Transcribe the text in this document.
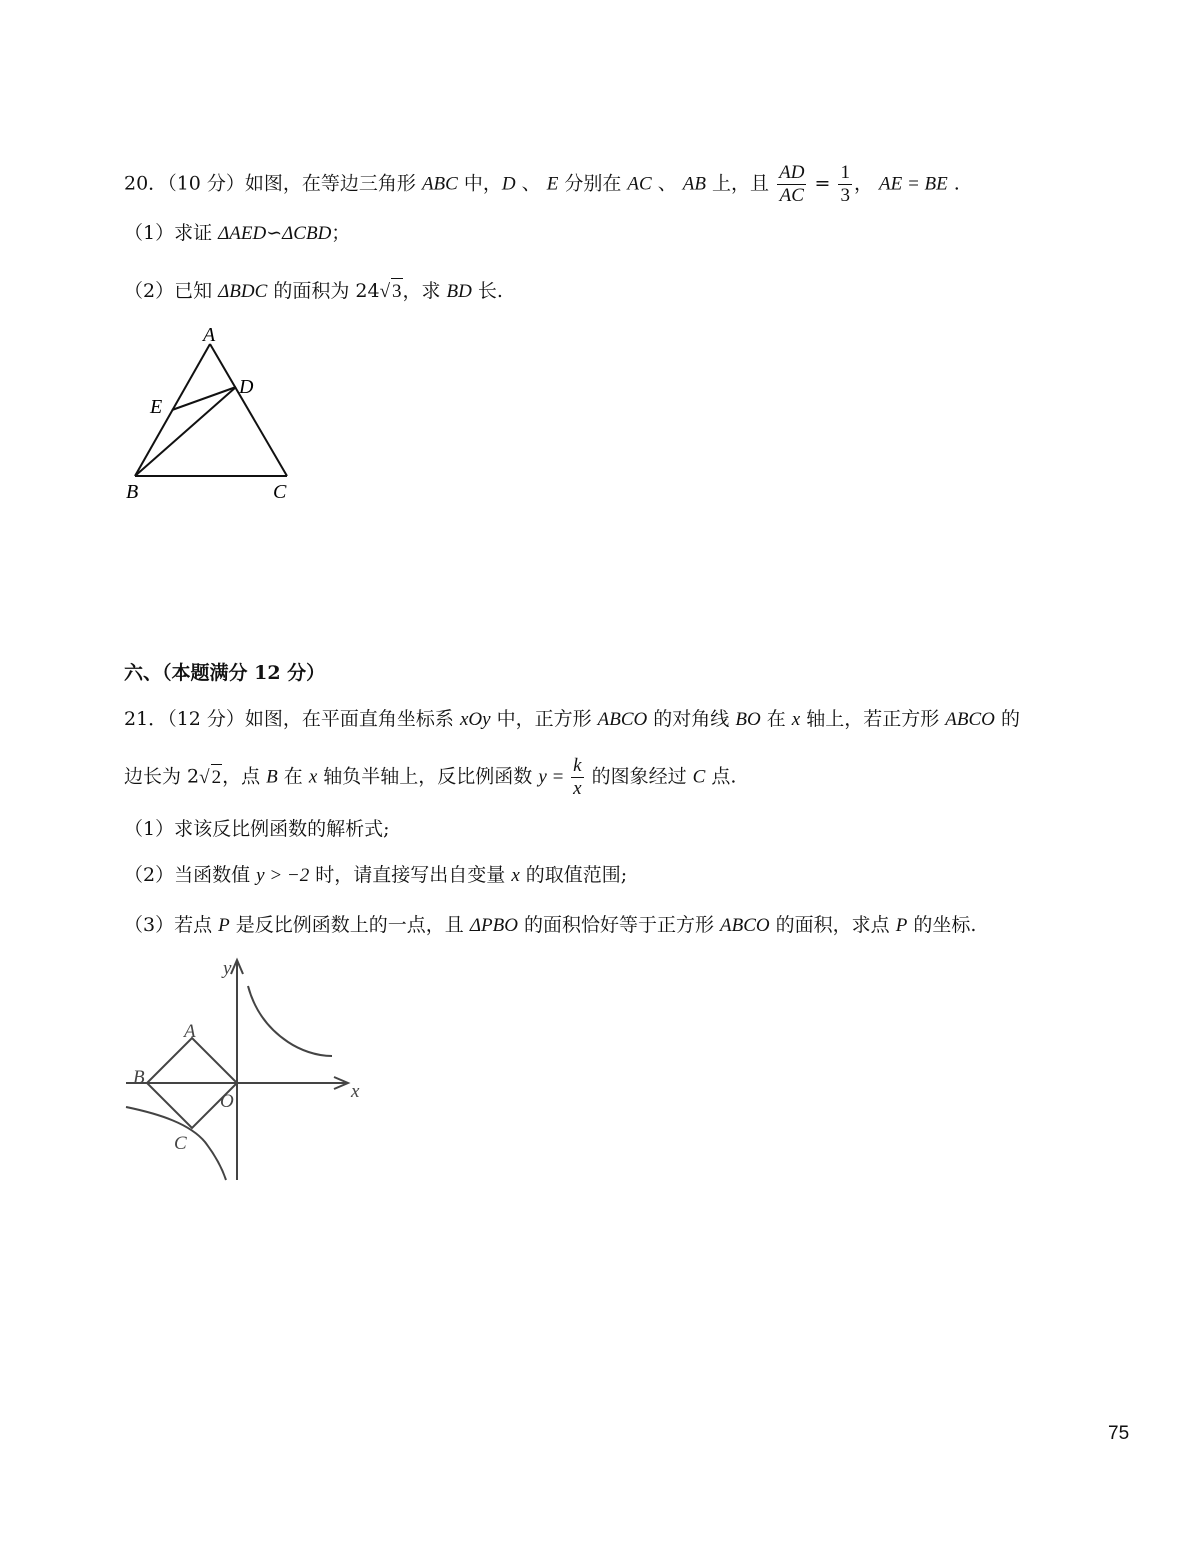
20．（10 分）如图，在等边三角形 ABC 中，D 、 E 分别在 AC 、 AB 上，且 $\frac{AD}{AC} = \frac{1}{3}$ ， AE = BE .
（1）求证 ΔAED∽ΔCBD；
（2）已知 ΔBDC 的面积为 24√ 3，求 BD 长.
A
D
E
B	C
六、（本题满分 12 分）
21．（12 分）如图，在平面直角坐标系 xOy 中，正方形 ABCO 的对角线 BO 在 x 轴上，若正方形 ABCO 的
边长为 2√ 2，点 B 在 x 轴负半轴上，反比例函数 $y = \frac{k}{x}$ 的图象经过 C 点.
（1）求该反比例函数的解析式;
（2）当函数值 y > −2 时，请直接写出自变量 x 的取值范围;
（3）若点 P 是反比例函数上的一点，且 ΔPBO 的面积恰好等于正方形 ABCO 的面积，求点 P 的坐标.
y
x
A
B
C
O
75
